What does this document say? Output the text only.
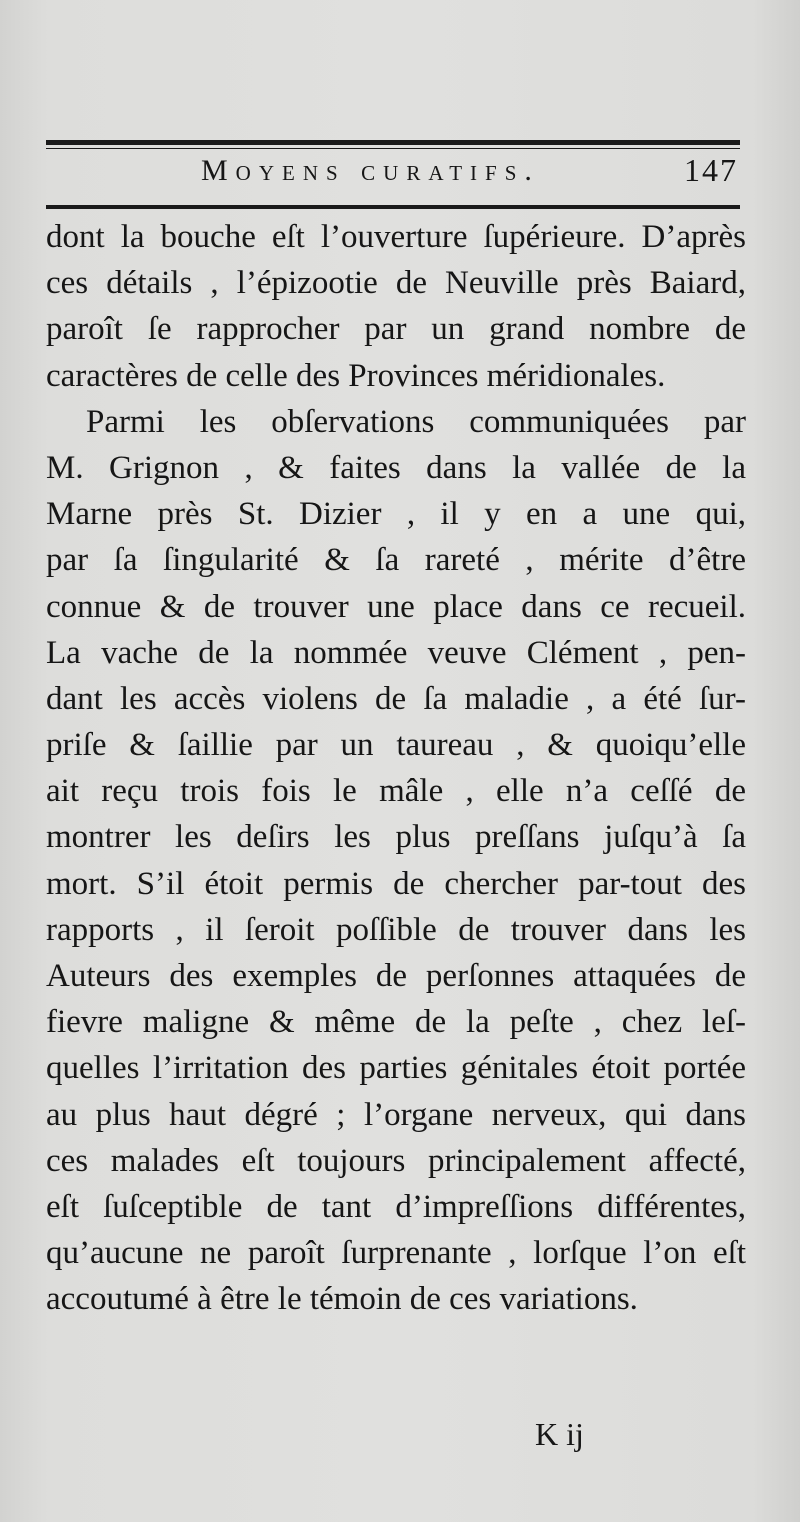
Moyens curatifs.	147
dont la bouche eſt l’ouverture ſupérieure. D’après
ces détails , l’épizootie de Neuville près Baiard,
paroît ſe rapprocher par un grand nombre de
caractères de celle des Provinces méridionales.
Parmi les obſervations communiquées par
M. Grignon , & faites dans la vallée de la
Marne près St. Dizier , il y en a une qui,
par ſa ſingularité & ſa rareté , mérite d’être
connue & de trouver une place dans ce recueil.
La vache de la nommée veuve Clément , pen-
dant les accès violens de ſa maladie , a été ſur-
priſe & ſaillie par un taureau , & quoiqu’elle
ait reçu trois fois le mâle , elle n’a ceſſé de
montrer les deſirs les plus preſſans juſqu’à ſa
mort. S’il étoit permis de chercher par-tout des
rapports , il ſeroit poſſible de trouver dans les
Auteurs des exemples de perſonnes attaquées de
fievre maligne & même de la peſte , chez leſ-
quelles l’irritation des parties génitales étoit portée
au plus haut dégré ; l’organe nerveux, qui dans
ces malades eſt toujours principalement affecté,
eſt ſuſceptible de tant d’impreſſions différentes,
qu’aucune ne paroît ſurprenante , lorſque l’on eſt
accoutumé à être le témoin de ces variations.
K ij
